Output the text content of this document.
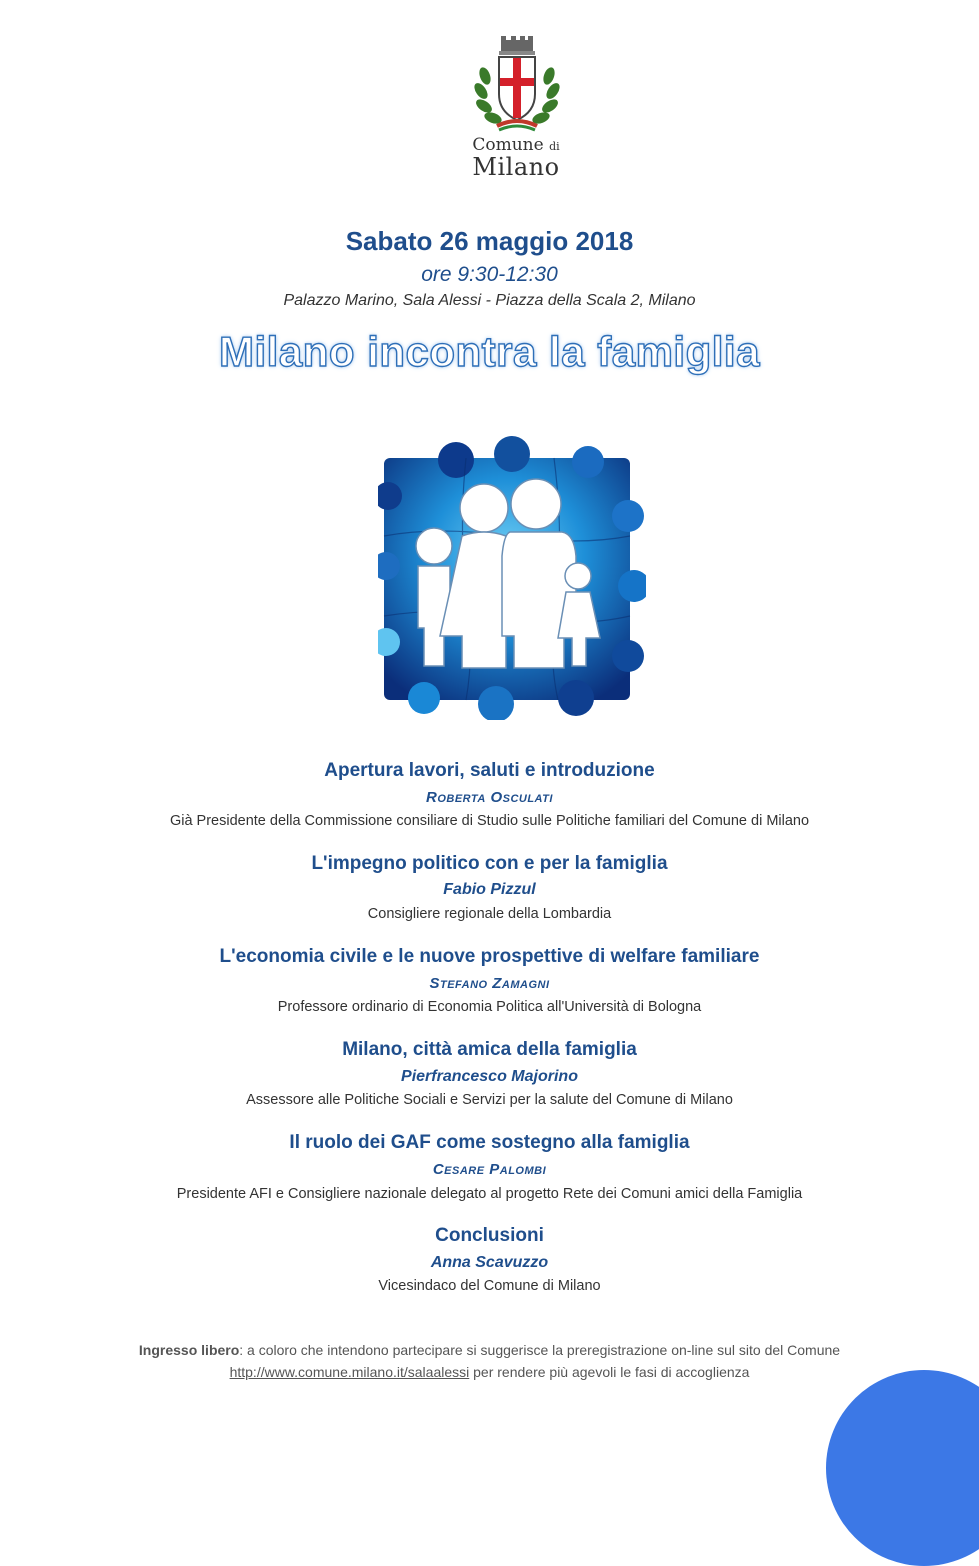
Comune di
Milano
Sabato 26 maggio 2018
ore 9:30-12:30
Palazzo Marino, Sala Alessi - Piazza della Scala 2, Milano
Milano incontra la famiglia
Apertura lavori, saluti e introduzione
Roberta Osculati
Già Presidente della Commissione consiliare di Studio sulle Politiche familiari del Comune di Milano
L'impegno politico con e per la famiglia
Fabio Pizzul
Consigliere regionale della Lombardia
L'economia civile e le nuove prospettive di welfare familiare
Stefano Zamagni
Professore ordinario di Economia Politica all'Università di Bologna
Milano, città amica della famiglia
Pierfrancesco Majorino
Assessore alle Politiche Sociali e Servizi per la salute del Comune di Milano
Il ruolo dei GAF come sostegno alla famiglia
Cesare Palombi
Presidente AFI e Consigliere nazionale delegato al progetto Rete dei Comuni amici della Famiglia
Conclusioni
Anna Scavuzzo
Vicesindaco del Comune di Milano
Ingresso libero: a coloro che intendono partecipare si suggerisce la preregistrazione on-line sul sito del Comune
http://www.comune.milano.it/salaalessi per rendere più agevoli le fasi di accoglienza
